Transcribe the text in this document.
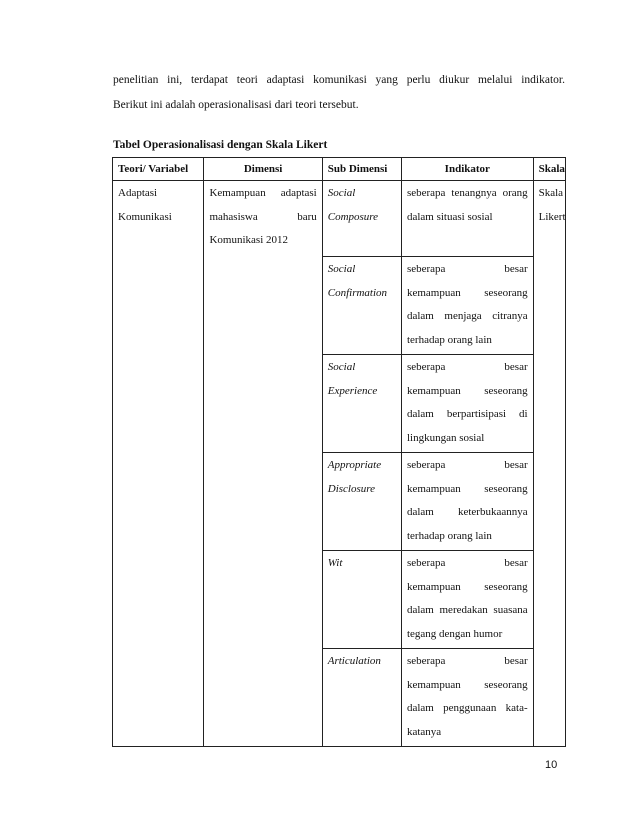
penelitian ini, terdapat teori adaptasi komunikasi yang perlu diukur melalui indikator.

Berikut ini adalah operasionalisasi dari teori tersebut.

Tabel Operasionalisasi dengan Skala Likert

Teori/ Variabel	Dimensi	Sub Dimensi	Indikator	Skala
Adaptasi Komunikasi	Kemampuan adaptasi mahasiswa baru Komunikasi 2012	Social Composure	seberapa tenangnya orang dalam situasi sosial	Skala Likert
		Social Confirmation	seberapa besar kemampuan seseorang dalam menjaga citranya terhadap orang lain	
		Social Experience	seberapa besar kemampuan seseorang dalam berpartisipasi di lingkungan sosial	
		Appropriate Disclosure	seberapa besar kemampuan seseorang dalam keterbukaannya terhadap orang lain	
		Wit	seberapa besar kemampuan seseorang dalam meredakan suasana tegang dengan humor	
		Articulation	seberapa besar kemampuan seseorang dalam penggunaan kata-katanya	

10
